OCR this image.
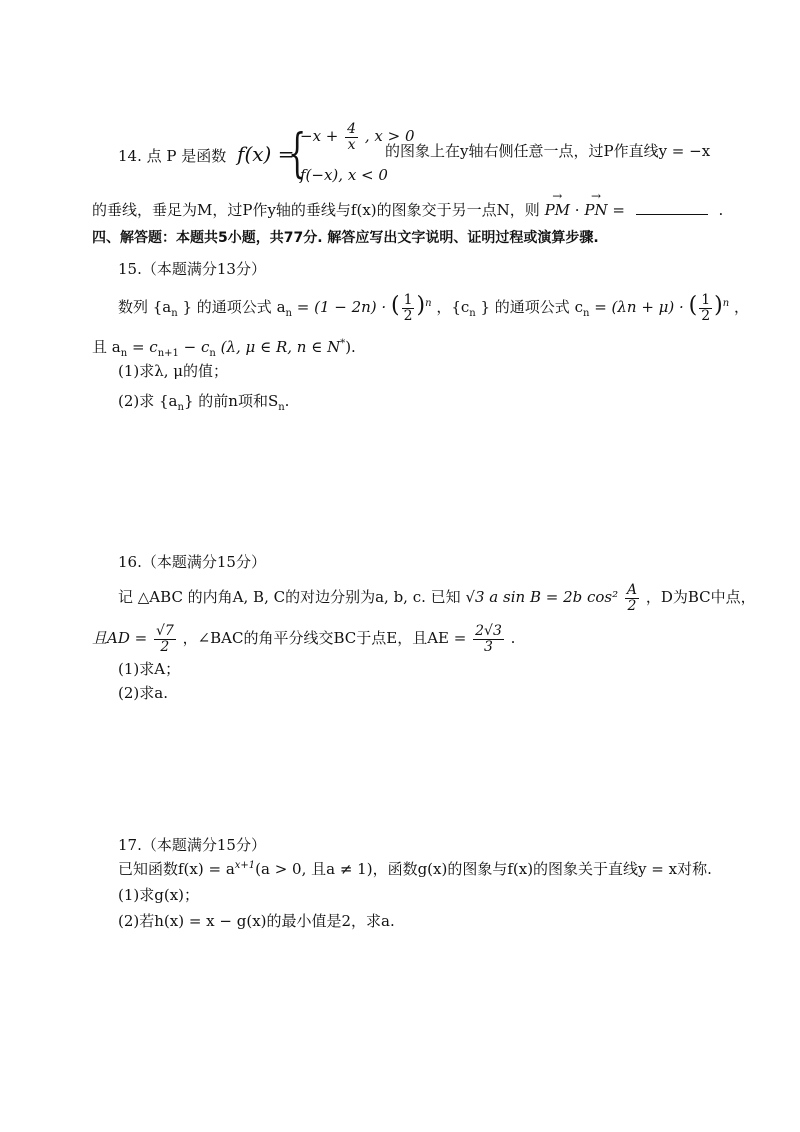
14. 点 P 是函数 f(x) =
{
$-x + \frac{4}{x}$ , x > 0
f(−x), x < 0
的图象上在y轴右侧任意一点，过P作直线y = −x
的垂线，垂足为M，过P作y轴的垂线与f(x)的图象交于另一点N，则 → PM · → PN =	.
四、解答题：本题共5小题，共77分. 解答应写出文字说明、证明过程或演算步骤.
15.（本题满分13分）
数列 {$a_n$ } 的通项公式 $a_n = (1 - 2n)$ · ( $\frac{1}{2} )^n$ ，{$c_n$ } 的通项公式 $c_n = (\lambda n + \mu)$ · ( $\frac{1}{2} )^n$ ，
且 $a_n = c_{n+1} - c_n$ (λ, μ ∈ R, n ∈ N*).
(1)求λ, μ的值；
(2)求 $\{a_n\}$ 的前n项和$S_n$.
16.（本题满分15分）
记 △ABC 的内角A, B, C的对边分别为a, b, c. 已知 √3 a sin B = 2b $\cos^2 \frac{A}{2}$ ，D为BC中点，
且AD = $\frac{√7}{2}$ ，∠BAC的角平分线交BC于点E，且AE = $\frac{2√3}{3}$ .
(1)求A；
(2)求a.
17.（本题满分15分）
已知函数$f(x) = a^{x+1}(a > 0$, 且a ≠ 1)，函数g(x)的图象与f(x)的图象关于直线y = x对称.
(1)求g(x)；
(2)若h(x) = x − g(x)的最小值是2，求a.
